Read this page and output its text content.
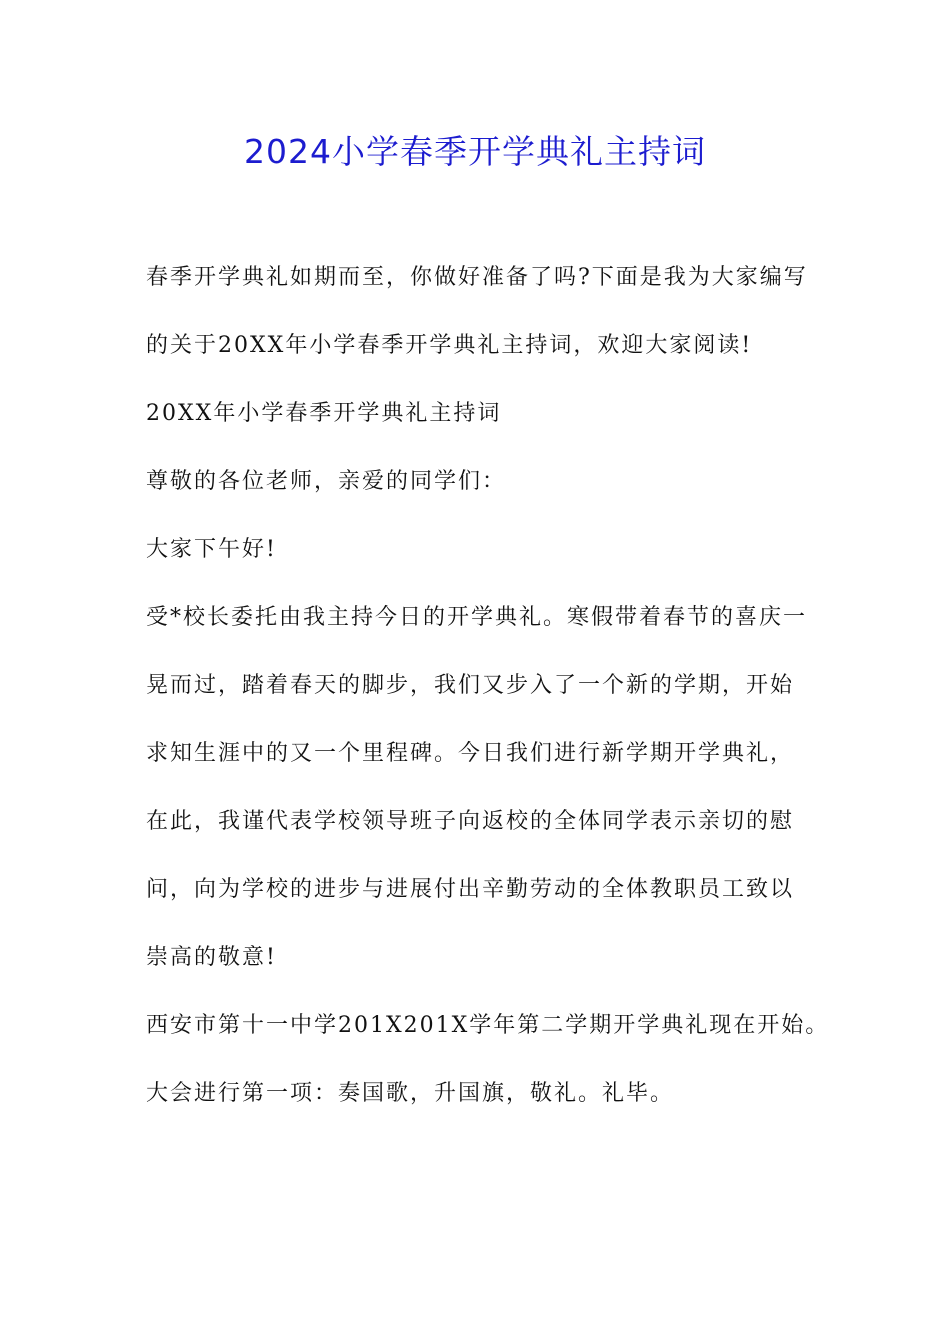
2024小学春季开学典礼主持词

春季开学典礼如期而至，你做好准备了吗?下面是我为大家编写

的关于20XX年小学春季开学典礼主持词，欢迎大家阅读!

20XX年小学春季开学典礼主持词

尊敬的各位老师，亲爱的同学们：

大家下午好!

受*校长委托由我主持今日的开学典礼。寒假带着春节的喜庆一

晃而过，踏着春天的脚步，我们又步入了一个新的学期，开始

求知生涯中的又一个里程碑。今日我们进行新学期开学典礼，

在此，我谨代表学校领导班子向返校的全体同学表示亲切的慰

问，向为学校的进步与进展付出辛勤劳动的全体教职员工致以

崇高的敬意!

西安市第十一中学201X201X学年第二学期开学典礼现在开始。

大会进行第一项：奏国歌，升国旗，敬礼。礼毕。
